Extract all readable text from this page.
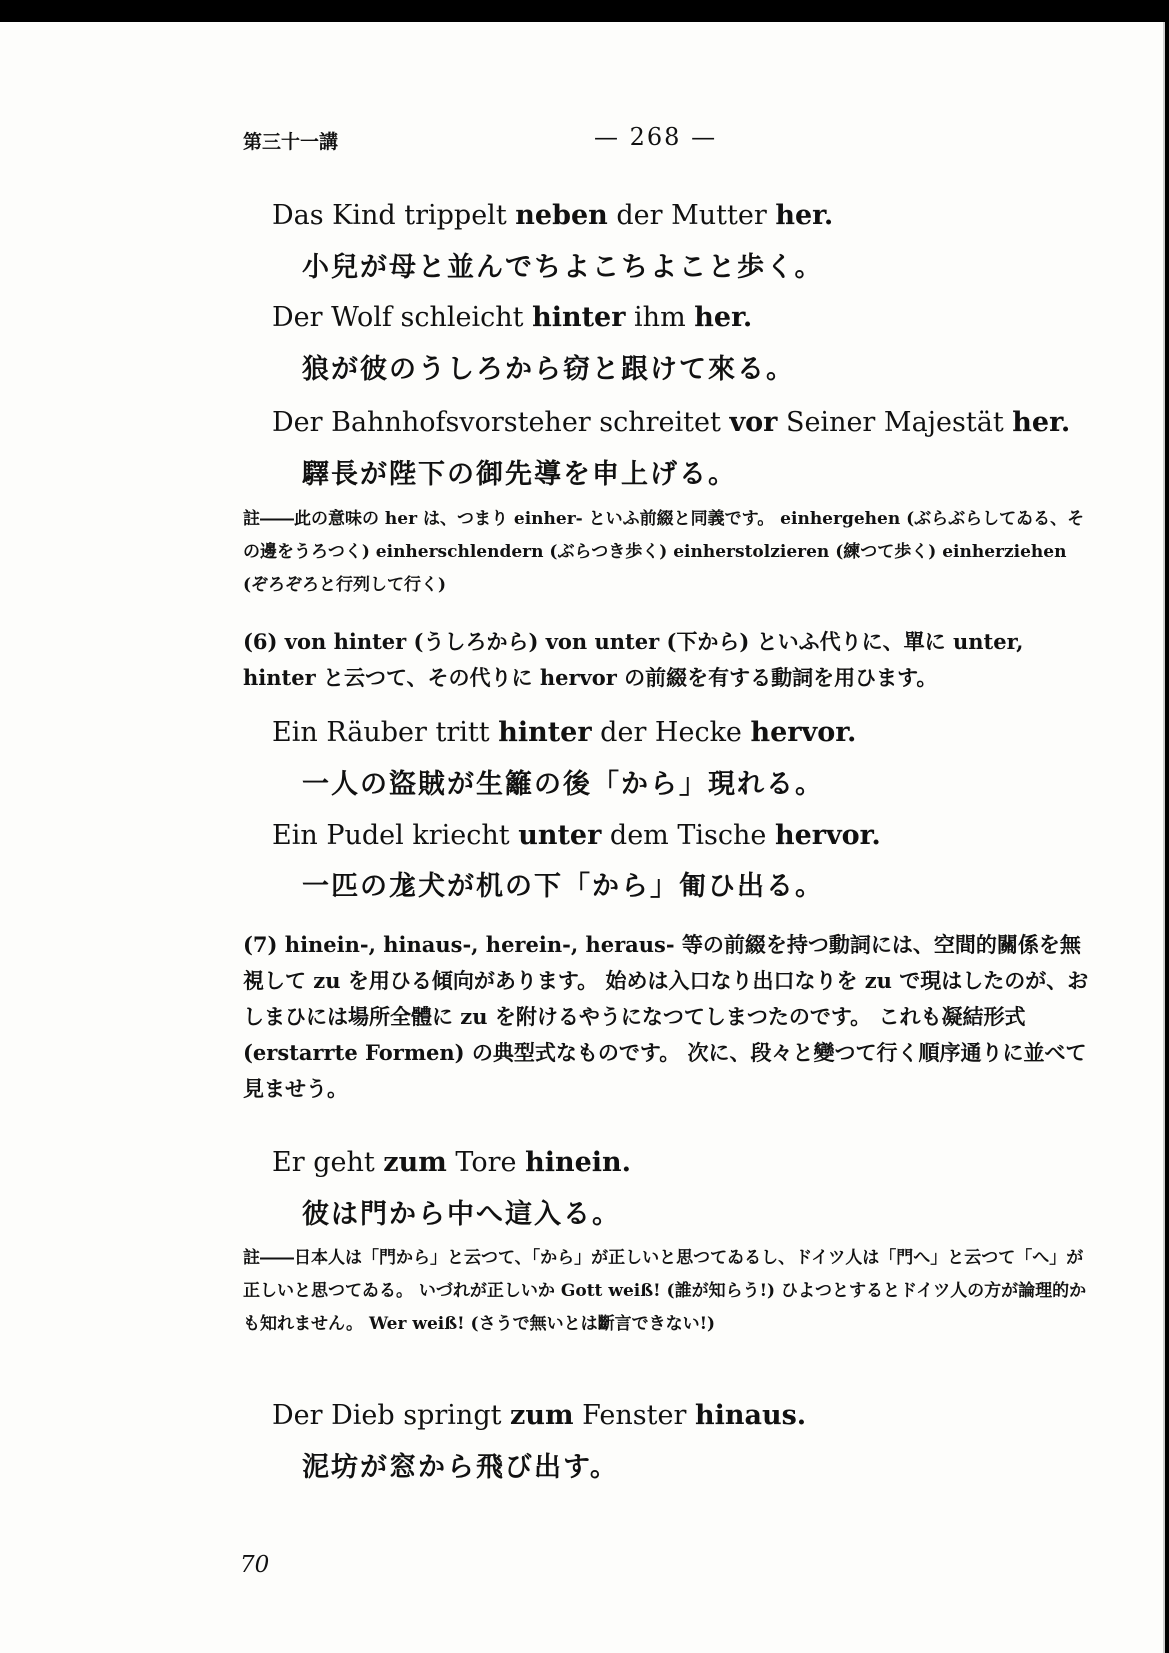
第三十一講	— 268 —
Das Kind trippelt neben der Mutter her.
小兒が母と並んでちよこちよこと歩く。
Der Wolf schleicht hinter ihm her.
狼が彼のうしろから窃と跟けて來る。
Der Bahnhofsvorsteher schreitet vor Seiner Majestät her.
驛長が陛下の御先導を申上げる。
註――此の意味の her は、つまり einher- といふ前綴と同義です。 einhergehen (ぶらぶらしてゐる、その邊をうろつく) einherschlendern (ぶらつき歩く) einherstolzieren (練つて歩く) einherziehen (ぞろぞろと行列して行く)
(6) von hinter (うしろから) von unter (下から) といふ代りに、單に unter, hinter と云つて、その代りに hervor の前綴を有する動詞を用ひます。
Ein Räuber tritt hinter der Hecke hervor.
一人の盜賊が生籬の後「から」現れる。
Ein Pudel kriecht unter dem Tische hervor.
一匹の尨犬が机の下「から」匍ひ出る。
(7) hinein-, hinaus-, herein-, heraus- 等の前綴を持つ動詞には、空間的關係を無視して zu を用ひる傾向があります。 始めは入口なり出口なりを zu で現はしたのが、おしまひには場所全體に zu を附けるやうになつてしまつたのです。 これも凝結形式 (erstarrte Formen) の典型式なものです。 次に、段々と變つて行く順序通りに並べて見ませう。
Er geht zum Tore hinein.
彼は門から中へ這入る。
註――日本人は「門から」と云つて、「から」が正しいと思つてゐるし、ドイツ人は「門へ」と云つて「へ」が正しいと思つてゐる。 いづれが正しいか Gott weiß! (誰が知らう!) ひよつとするとドイツ人の方が論理的かも知れません。 Wer weiß! (さうで無いとは斷言できない!)
Der Dieb springt zum Fenster hinaus.
泥坊が窓から飛び出す。
70
